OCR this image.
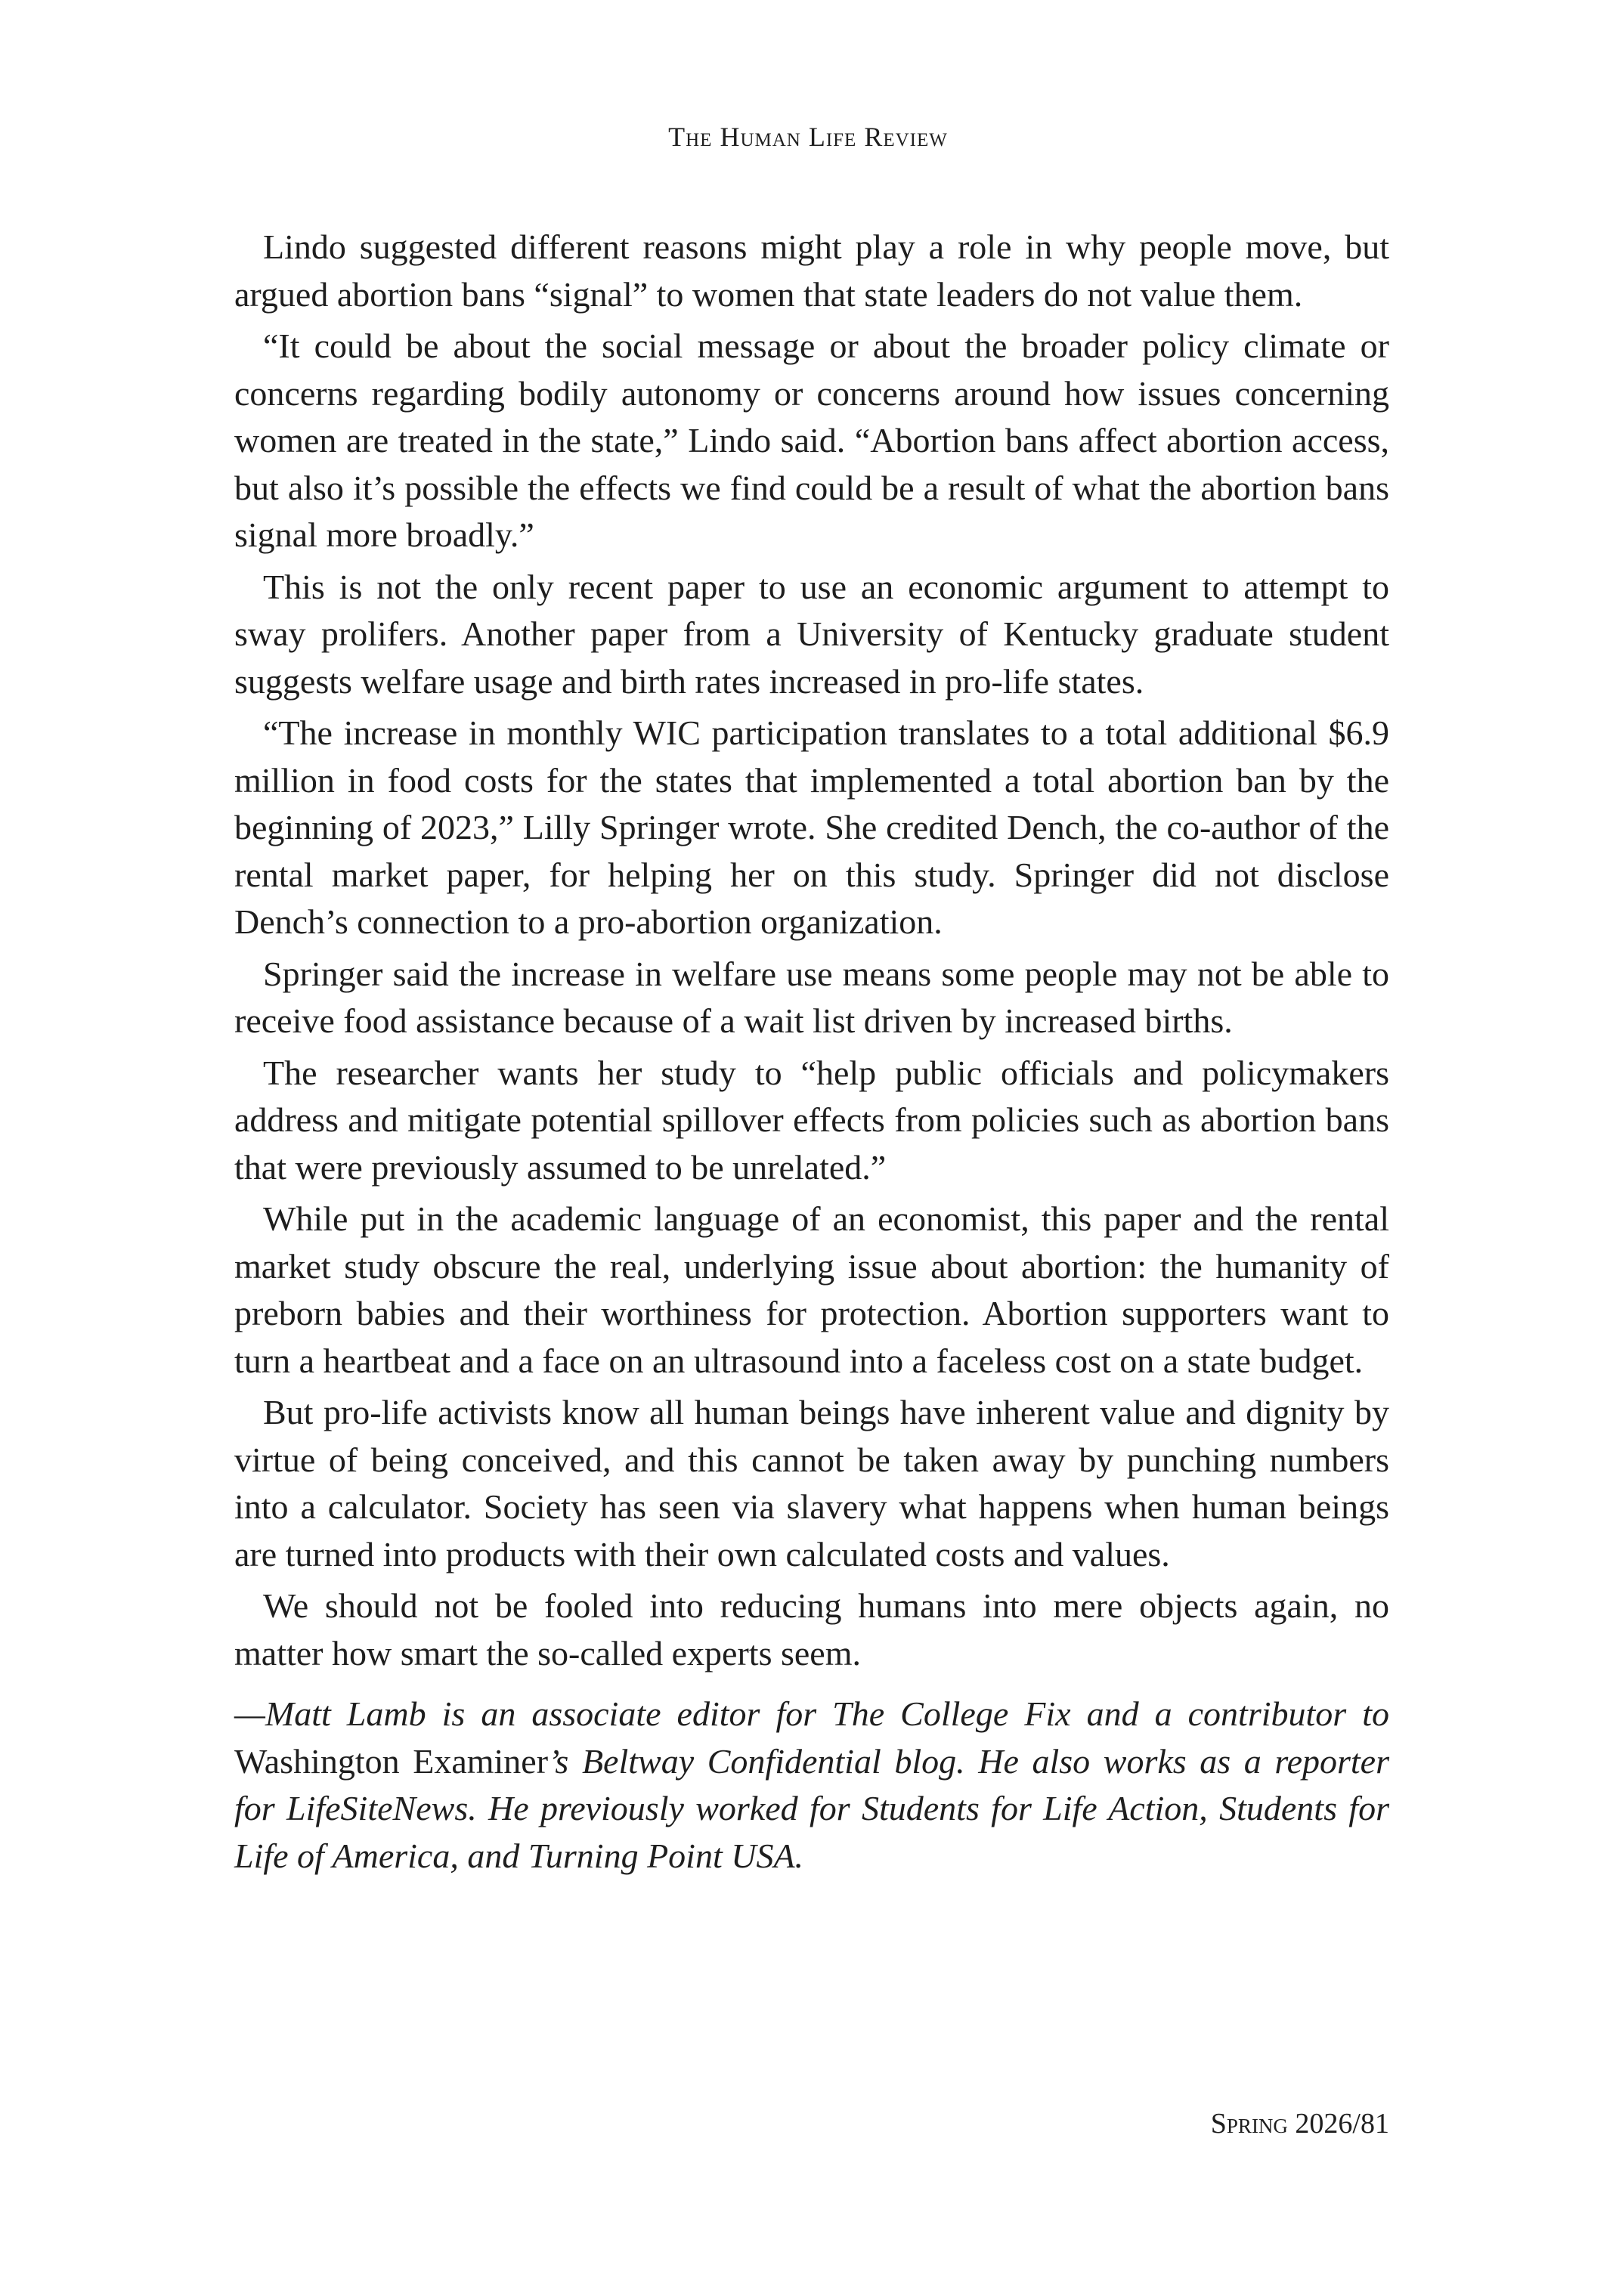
The Human Life Review

Lindo suggested different reasons might play a role in why people move, but argued abortion bans “signal” to women that state leaders do not value them.

“It could be about the social message or about the broader policy climate or concerns regarding bodily autonomy or concerns around how issues concerning women are treated in the state,” Lindo said. “Abortion bans affect abortion access, but also it’s possible the effects we find could be a result of what the abortion bans signal more broadly.”

This is not the only recent paper to use an economic argument to attempt to sway prolifers. Another paper from a University of Kentucky graduate student suggests welfare usage and birth rates increased in pro-life states.

“The increase in monthly WIC participation translates to a total additional $6.9 million in food costs for the states that implemented a total abortion ban by the beginning of 2023,” Lilly Springer wrote. She credited Dench, the co-author of the rental market paper, for helping her on this study. Springer did not disclose Dench’s connection to a pro-abortion organization.

Springer said the increase in welfare use means some people may not be able to receive food assistance because of a wait list driven by increased births.

The researcher wants her study to “help public officials and policymakers address and mitigate potential spillover effects from policies such as abortion bans that were previously assumed to be unrelated.”

While put in the academic language of an economist, this paper and the rental market study obscure the real, underlying issue about abortion: the humanity of preborn babies and their worthiness for protection. Abortion supporters want to turn a heartbeat and a face on an ultrasound into a faceless cost on a state budget.

But pro-life activists know all human beings have inherent value and dignity by virtue of being conceived, and this cannot be taken away by punching numbers into a calculator. Society has seen via slavery what happens when human beings are turned into products with their own calculated costs and values.

We should not be fooled into reducing humans into mere objects again, no matter how smart the so-called experts seem.

—Matt Lamb is an associate editor for The College Fix and a contributor to Washington Examiner’s Beltway Confidential blog. He also works as a reporter for LifeSiteNews. He previously worked for Students for Life Action, Students for Life of America, and Turning Point USA.

Spring 2026/81
